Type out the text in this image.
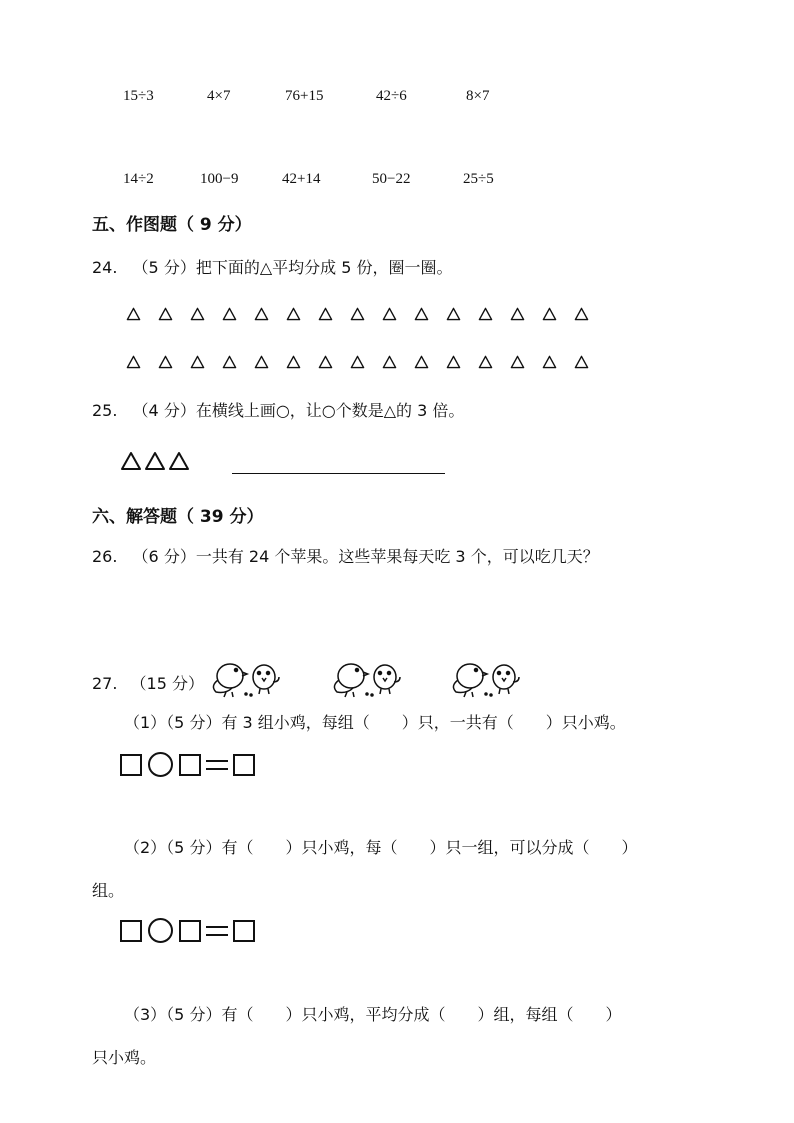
15÷3	4×7	76+15	42÷6	8×7
14÷2	100−9	42+14	50−22	25÷5
五、作图题（ 9 分）
24. （5 分）把下面的△平均分成 5 份，圈一圈。
25. （4 分）在横线上画○，让○个数是△的 3 倍。
六、解答题（ 39 分）
26. （6 分）一共有 24 个苹果。这些苹果每天吃 3 个，可以吃几天？
27. （15 分）
（1）（5 分）有 3 组小鸡，每组（　　）只，一共有（　　）只小鸡。
（2）（5 分）有（　　）只小鸡，每（　　）只一组，可以分成（　　）
组。
（3）（5 分）有（　　）只小鸡，平均分成（　　）组，每组（　　）
只小鸡。
